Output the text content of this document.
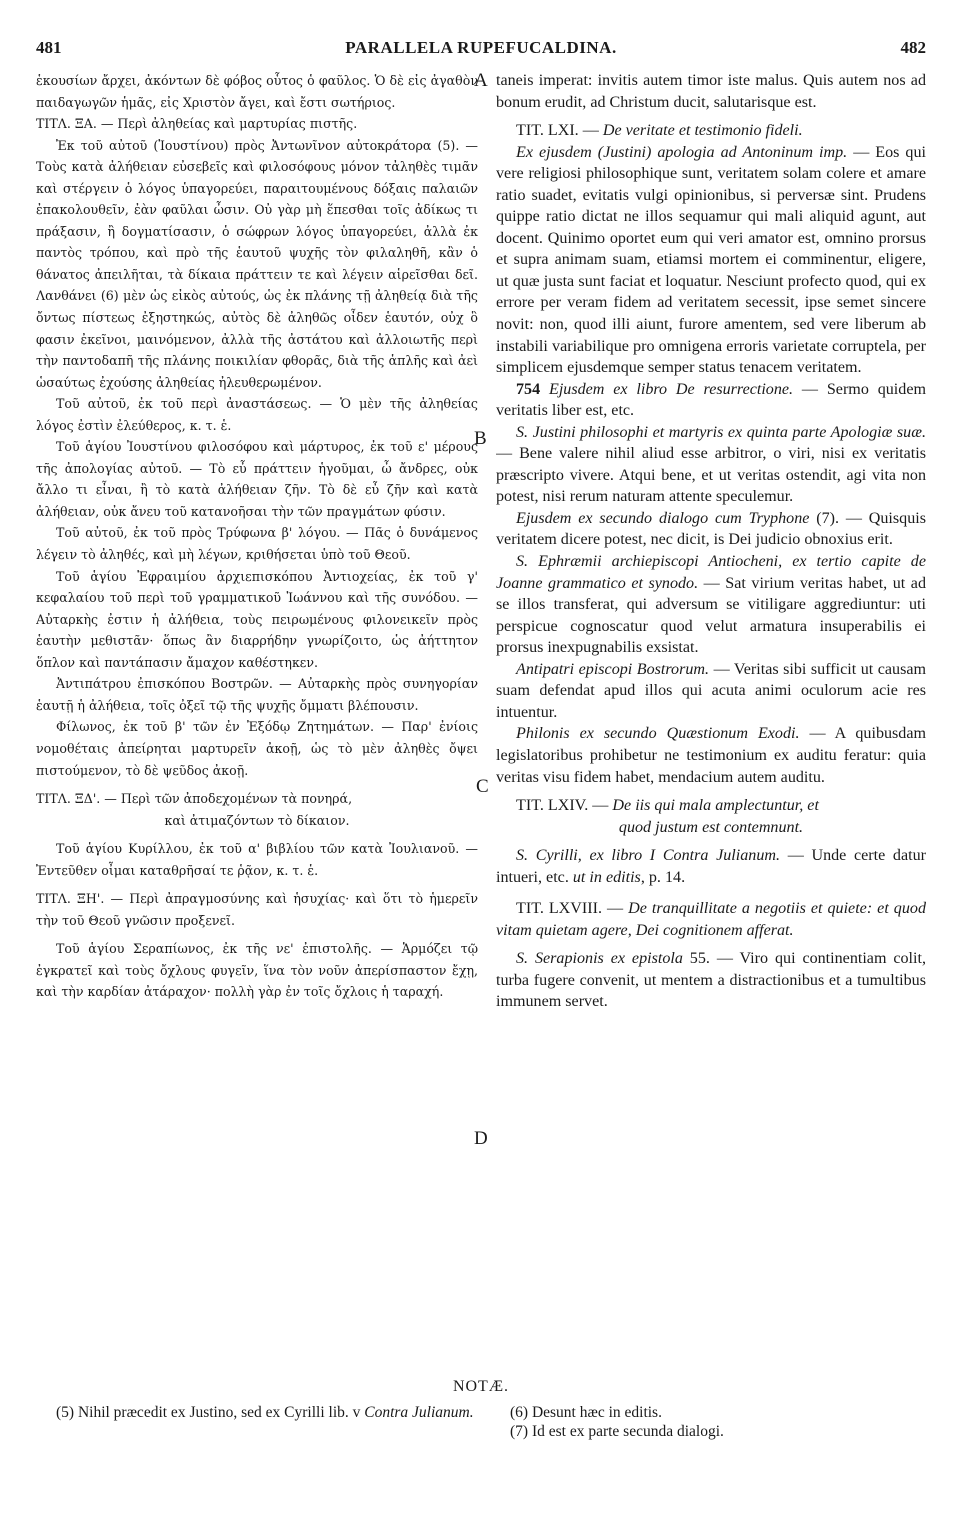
481	PARALLELA RUPEFUCALDINA.	482
A
B
C
D

ἑκουσίων ἄρχει, ἀκόντων δὲ φόβος οὗτος ὁ φαῦλος. Ὁ δὲ εἰς ἀγαθὸν παιδαγωγῶν ἡμᾶς, εἰς Χριστὸν ἄγει, καὶ ἔστι σωτήριος.

ΤΙΤΛ. ΞΑ. — Περὶ ἀληθείας καὶ μαρτυρίας πιστῆς.

Ἐκ τοῦ αὐτοῦ (Ἰουστίνου) πρὸς Ἀντωνῖνον αὐτοκράτορα (5). — Τοὺς κατὰ ἀλήθειαν εὐσεβεῖς καὶ φιλοσόφους μόνον τἀληθὲς τιμᾶν καὶ στέργειν ὁ λόγος ὑπαγορεύει, παραιτουμένους δόξαις παλαιῶν ἐπακολουθεῖν, ἐὰν φαῦλαι ὦσιν. Οὐ γὰρ μὴ ἕπεσθαι τοῖς ἀδίκως τι πράξασιν, ἢ δογματίσασιν, ὁ σώφρων λόγος ὑπαγορεύει, ἀλλὰ ἐκ παντὸς τρόπου, καὶ πρὸ τῆς ἑαυτοῦ ψυχῆς τὸν φιλαληθῆ, κἂν ὁ θάνατος ἀπειλῆται, τὰ δίκαια πράττειν τε καὶ λέγειν αἱρεῖσθαι δεῖ. Λανθάνει (6) μὲν ὡς εἰκὸς αὐτούς, ὡς ἐκ πλάνης τῇ ἀληθείᾳ διὰ τῆς ὄντως πίστεως ἐξηστηκώς, αὐτὸς δὲ ἀληθῶς οἶδεν ἑαυτόν, οὐχ ὃ φασιν ἐκεῖνοι, μαινόμενον, ἀλλὰ τῆς ἀστάτου καὶ ἀλλοιωτῆς περὶ τὴν παντοδαπῆ τῆς πλάνης ποικιλίαν φθορᾶς, διὰ τῆς ἁπλῆς καὶ ἀεὶ ὡσαύτως ἐχούσης ἀληθείας ἠλευθερωμένον.

Τοῦ αὐτοῦ, ἐκ τοῦ περὶ ἀναστάσεως. — Ὁ μὲν τῆς ἀληθείας λόγος ἐστὶν ἐλεύθερος, κ. τ. ἑ.

Τοῦ ἁγίου Ἰουστίνου φιλοσόφου καὶ μάρτυρος, ἐκ τοῦ ε' μέρους τῆς ἀπολογίας αὐτοῦ. — Τὸ εὖ πράττειν ἡγοῦμαι, ὦ ἄνδρες, οὐκ ἄλλο τι εἶναι, ἢ τὸ κατὰ ἀλήθειαν ζῆν. Τὸ δὲ εὖ ζῆν καὶ κατὰ ἀλήθειαν, οὐκ ἄνευ τοῦ κατανοῆσαι τὴν τῶν πραγμάτων φύσιν.

Τοῦ αὐτοῦ, ἐκ τοῦ πρὸς Τρύφωνα β' λόγου. — Πᾶς ὁ δυνάμενος λέγειν τὸ ἀληθές, καὶ μὴ λέγων, κριθήσεται ὑπὸ τοῦ Θεοῦ.

Τοῦ ἁγίου Ἐφραιμίου ἀρχιεπισκόπου Ἀντιοχείας, ἐκ τοῦ γ' κεφαλαίου τοῦ περὶ τοῦ γραμματικοῦ Ἰωάννου καὶ τῆς συνόδου. — Αὐταρκὴς ἐστιν ἡ ἀλήθεια, τοὺς πειρωμένους φιλονεικεῖν πρὸς ἑαυτὴν μεθιστᾶν· ὅπως ἂν διαρρήδην γνωρίζοιτο, ὡς ἀήττητον ὅπλον καὶ παντάπασιν ἄμαχον καθέστηκεν.

Ἀντιπάτρου ἐπισκόπου Βοστρῶν. — Αὐταρκὴς πρὸς συνηγορίαν ἑαυτῇ ἡ ἀλήθεια, τοῖς ὀξεῖ τῷ τῆς ψυχῆς ὄμματι βλέπουσιν.

Φίλωνος, ἐκ τοῦ β' τῶν ἐν Ἐξόδῳ Ζητημάτων. — Παρ' ἐνίοις νομοθέταις ἀπείρηται μαρτυρεῖν ἀκοῇ, ὡς τὸ μὲν ἀληθὲς ὄψει πιστούμενον, τὸ δὲ ψεῦδος ἀκοῇ.

ΤΙΤΛ. ΞΔ'. — Περὶ τῶν ἀποδεχομένων τὰ πονηρά,

καὶ ἀτιμαζόντων τὸ δίκαιον.

Τοῦ ἁγίου Κυρίλλου, ἐκ τοῦ α' βιβλίου τῶν κατὰ Ἰουλιανοῦ. — Ἐντεῦθεν οἶμαι καταθρῆσαί τε ῥᾷον, κ. τ. ἑ.

ΤΙΤΛ. ΞΗ'. — Περὶ ἀπραγμοσύνης καὶ ἡσυχίας· καὶ ὅτι τὸ ἡμερεῖν τὴν τοῦ Θεοῦ γνῶσιν προξενεῖ.

Τοῦ ἁγίου Σεραπίωνος, ἐκ τῆς νε' ἐπιστολῆς. — Ἁρμόζει τῷ ἐγκρατεῖ καὶ τοὺς ὄχλους φυγεῖν, ἵνα τὸν νοῦν ἀπερίσπαστον ἔχῃ, καὶ τὴν καρδίαν ἀτάραχον· πολλὴ γὰρ ἐν τοῖς ὄχλοις ἡ ταραχή.

taneis imperat: invitis autem timor iste malus. Quis autem nos ad bonum erudit, ad Christum ducit, salutarisque est.

TIT. LXI. — De veritate et testimonio fideli.

Ex ejusdem (Justini) apologia ad Antoninum imp. — Eos qui vere religiosi philosophique sunt, veritatem solam colere et amare ratio suadet, evitatis vulgi opinionibus, si perversæ sint. Prudens quippe ratio dictat ne illos sequamur qui mali aliquid agunt, aut docent. Quinimo oportet eum qui veri amator est, omnino prorsus et supra animam suam, etiamsi mortem ei comminentur, eligere, ut quæ justa sunt faciat et loquatur. Nesciunt profecto quod, qui ex errore per veram fidem ad veritatem secessit, ipse semet sincere novit: non, quod illi aiunt, furore amentem, sed vere liberum ab instabili variabilique pro omnigena erroris varietate corruptela, per simplicem ejusdemque semper status tenacem veritatem.

754 Ejusdem ex libro De resurrectione. — Sermo quidem veritatis liber est, etc.

S. Justini philosophi et martyris ex quinta parte Apologiæ suæ. — Bene valere nihil aliud esse arbitror, o viri, nisi ex veritatis præscripto vivere. Atqui bene, et ut veritas ostendit, agi vita non potest, nisi rerum naturam attente speculemur.

Ejusdem ex secundo dialogo cum Tryphone (7). — Quisquis veritatem dicere potest, nec dicit, is Dei judicio obnoxius erit.

S. Ephræmii archiepiscopi Antiocheni, ex tertio capite de Joanne grammatico et synodo. — Sat virium veritas habet, ut ad se illos transferat, qui adversum se vitiligare aggrediuntur: uti perspicue cognoscatur quod velut armatura insuperabilis ei prorsus inexpugnabilis exsistat.

Antipatri episcopi Bostrorum. — Veritas sibi sufficit ut causam suam defendat apud illos qui acuta animi oculorum acie res intuentur.

Philonis ex secundo Quæstionum Exodi. — A quibusdam legislatoribus prohibetur ne testimonium ex auditu feratur: quia veritas visu fidem habet, mendacium autem auditu.

TIT. LXIV. — De iis qui mala amplectuntur, et

quod justum est contemnunt.

S. Cyrilli, ex libro I Contra Julianum. — Unde certe datur intueri, etc. ut in editis, p. 14.

TIT. LXVIII. — De tranquillitate a negotiis et quiete: et quod vitam quietam agere, Dei cognitionem afferat.

S. Serapionis ex epistola 55. — Viro qui continentiam colit, turba fugere convenit, ut mentem a distractionibus et a tumultibus immunem servet.

NOTÆ.

(5) Nihil præcedit ex Justino, sed ex Cyrilli lib. v Contra Julianum. (6) Desunt hæc in editis.

(7) Id est ex parte secunda dialogi.
